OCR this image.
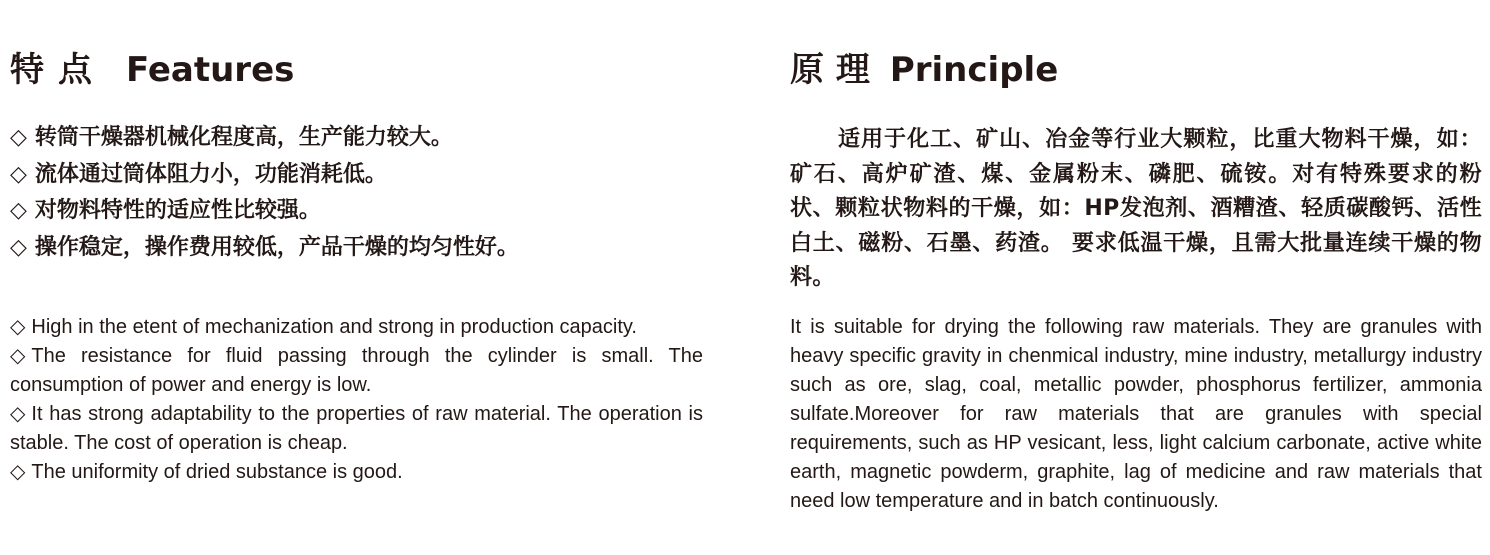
特 点 Features
◇ 转筒干燥器机械化程度高，生产能力较大。
◇ 流体通过筒体阻力小，功能消耗低。
◇ 对物料特性的适应性比较强。
◇ 操作稳定，操作费用较低，产品干燥的均匀性好。
◇ High in the etent of mechanization and strong in production capacity.
◇ The resistance for fluid passing through the cylinder is small. The consumption of power and energy is low.
◇ It has strong adaptability to the properties of raw material. The operation is stable. The cost of operation is cheap.
◇ The uniformity of dried substance is good.
原 理 Principle

适用于化工、矿山、冶金等行业大颗粒，比重大物料干燥，如：矿石、高炉矿渣、煤、金属粉末、磷肥、硫铵。对有特殊要求的粉状、颗粒状物料的干燥，如：HP发泡剂、酒糟渣、轻质碳酸钙、活性白土、磁粉、石墨、药渣。 要求低温干燥，且需大批量连续干燥的物料。

It is suitable for drying the following raw materials. They are granules with heavy specific gravity in chenmical industry, mine industry, metallurgy industry such as ore, slag, coal, metallic powder, phosphorus fertilizer, ammonia sulfate.Moreover for raw materials that are granules with special requirements, such as HP vesicant, less, light calcium carbonate, active white earth, magnetic powderm, graphite, lag of medicine and raw materials that need low temperature and in batch continuously.
